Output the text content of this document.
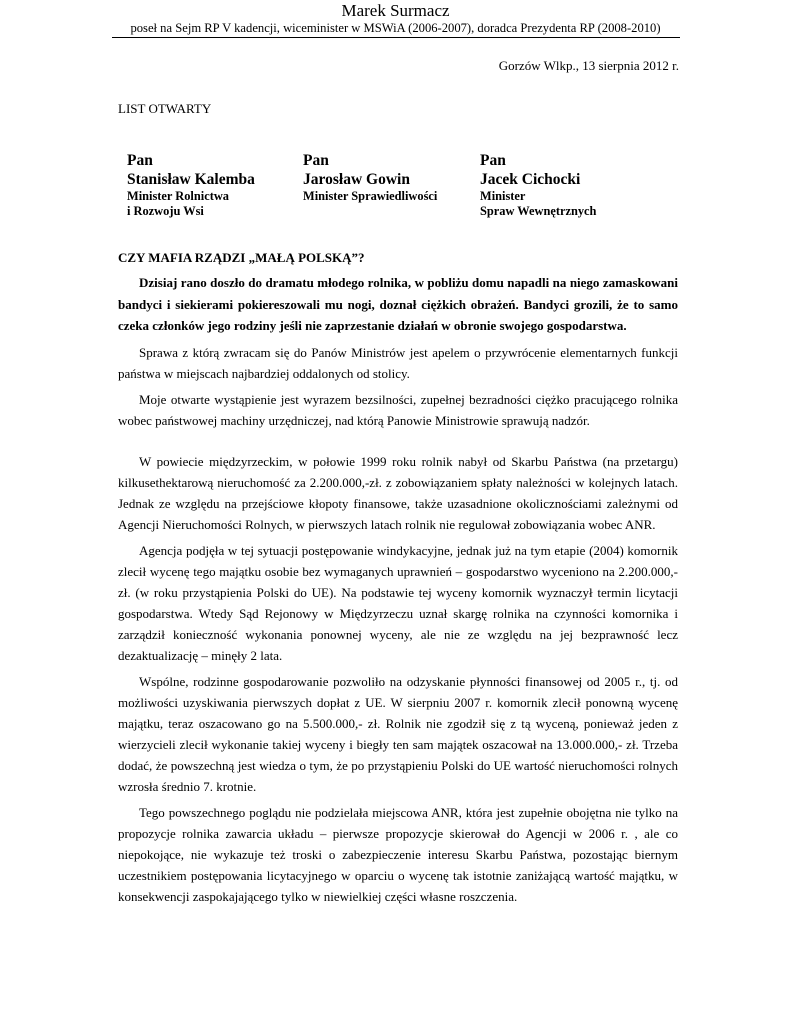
Marek Surmacz
poseł na Sejm RP V kadencji, wiceminister w MSWiA (2006-2007), doradca Prezydenta RP (2008-2010)
Gorzów Wlkp., 13 sierpnia 2012 r.
LIST OTWARTY
Pan
Stanisław Kalemba
Minister Rolnictwa
i Rozwoju Wsi
Pan
Jarosław Gowin
Minister Sprawiedliwości
Pan
Jacek Cichocki
Minister
Spraw Wewnętrznych
CZY MAFIA RZĄDZI „MAŁĄ POLSKĄ”?

Dzisiaj rano doszło do dramatu młodego rolnika, w pobliżu domu napadli na niego zamaskowani bandyci i siekierami pokiereszowali mu nogi, doznał ciężkich obrażeń. Bandyci grozili, że to samo czeka członków jego rodziny jeśli nie zaprzestanie działań w obronie swojego gospodarstwa.

Sprawa z którą zwracam się do Panów Ministrów jest apelem o przywrócenie elementarnych funkcji państwa w miejscach najbardziej oddalonych od stolicy.

Moje otwarte wystąpienie jest wyrazem bezsilności, zupełnej bezradności ciężko pracującego rolnika wobec państwowej machiny urzędniczej, nad którą Panowie Ministrowie sprawują nadzór.

W powiecie międzyrzeckim, w połowie 1999 roku rolnik nabył od Skarbu Państwa (na przetargu) kilkusethektarową nieruchomość za 2.200.000,-zł. z zobowiązaniem spłaty należności w kolejnych latach. Jednak ze względu na przejściowe kłopoty finansowe, także uzasadnione okolicznościami zależnymi od Agencji Nieruchomości Rolnych, w pierwszych latach rolnik nie regulował zobowiązania wobec ANR.

Agencja podjęła w tej sytuacji postępowanie windykacyjne, jednak już na tym etapie (2004) komornik zlecił wycenę tego majątku osobie bez wymaganych uprawnień – gospodarstwo wyceniono na 2.200.000,-zł. (w roku przystąpienia Polski do UE). Na podstawie tej wyceny komornik wyznaczył termin licytacji gospodarstwa. Wtedy Sąd Rejonowy w Międzyrzeczu uznał skargę rolnika na czynności komornika i zarządził konieczność wykonania ponownej wyceny, ale nie ze względu na jej bezprawność lecz dezaktualizację – minęły 2 lata.

Wspólne, rodzinne gospodarowanie pozwoliło na odzyskanie płynności finansowej od 2005 r., tj. od możliwości uzyskiwania pierwszych dopłat z UE. W sierpniu 2007 r. komornik zlecił ponowną wycenę majątku, teraz oszacowano go na 5.500.000,- zł. Rolnik nie zgodził się z tą wyceną, ponieważ jeden z wierzycieli zlecił wykonanie takiej wyceny i biegły ten sam majątek oszacował na 13.000.000,- zł. Trzeba dodać, że powszechną jest wiedza o tym, że po przystąpieniu Polski do UE wartość nieruchomości rolnych wzrosła średnio 7. krotnie.

Tego powszechnego poglądu nie podzielała miejscowa ANR, która jest zupełnie obojętna nie tylko na propozycje rolnika zawarcia układu – pierwsze propozycje skierował do Agencji w 2006 r. , ale co niepokojące, nie wykazuje też troski o zabezpieczenie interesu Skarbu Państwa, pozostając biernym uczestnikiem postępowania licytacyjnego w oparciu o wycenę tak istotnie zaniżającą wartość majątku, w konsekwencji zaspokajającego tylko w niewielkiej części własne roszczenia.
